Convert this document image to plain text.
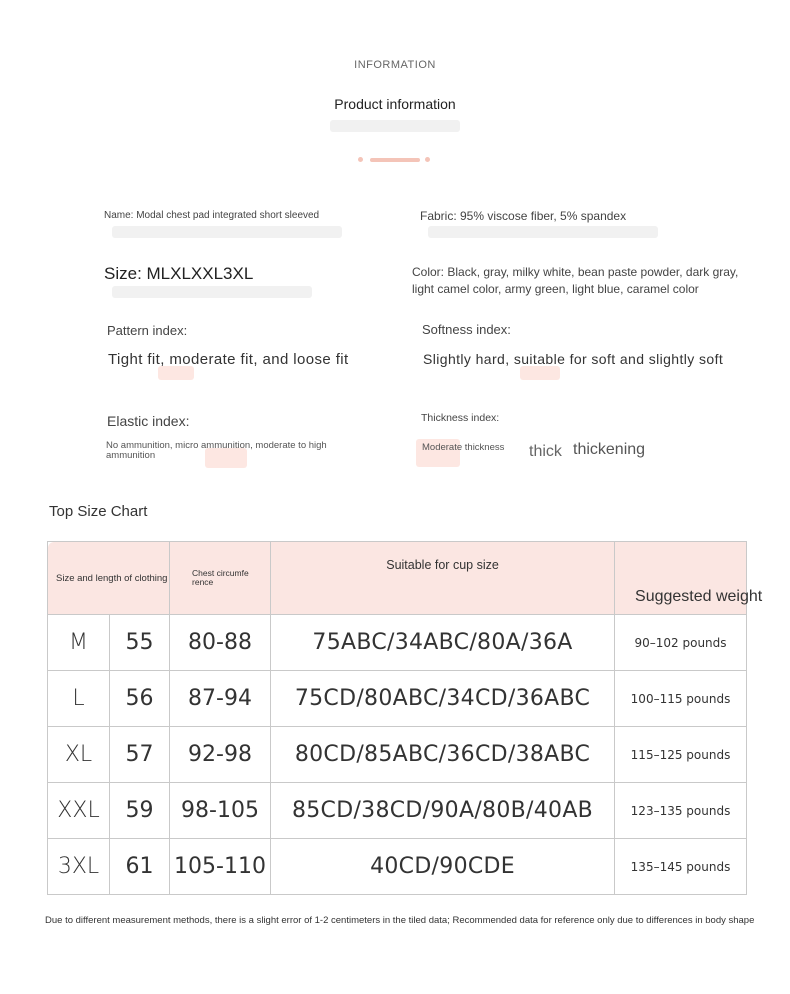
INFORMATION
Product information
Name: Modal chest pad integrated short sleeved	Fabric: 95% viscose fiber, 5% spandex
Size: MLXLXXL3XL	Color: Black, gray, milky white, bean paste powder, dark gray, light camel color, army green, light blue, caramel color
Pattern index:
Tight fit, moderate fit, and loose fit
Softness index:
Slightly hard, suitable for soft and slightly soft
Elastic index:
No ammunition, micro ammunition, moderate to high ammunition
Thickness index:
Moderate thickness thick thickening
Top Size Chart
Size and length of clothing		Chest circumfe rence	Suitable for cup size	Suggested weight
M	55	80-88	75ABC/34ABC/80A/36A	90–102 pounds
L	56	87-94	75CD/80ABC/34CD/36ABC	100–115 pounds
XL	57	92-98	80CD/85ABC/36CD/38ABC	115–125 pounds
XXL	59	98-105	85CD/38CD/90A/80B/40AB	123–135 pounds
3XL	61	105-110	40CD/90CDE	135–145 pounds
Due to different measurement methods, there is a slight error of 1-2 centimeters in the tiled data; Recommended data for reference only due to differences in body shape
